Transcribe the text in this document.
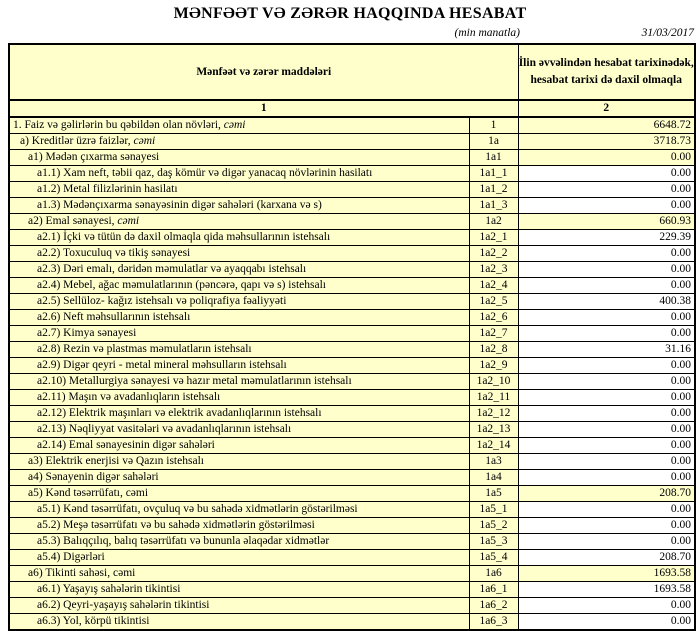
MƏNFƏƏT VƏ ZƏRƏR HAQQINDA HESABAT
(min manatla)	31/03/2017
Mənfəət və zərər maddələri		İlin əvvəlindən hesabat tarixinədək, hesabat tarixi də daxil olmaqla
1		2
1. Faiz və gəlirlərin bu qəbildən olan növləri, cəmi	1	6648.72
a) Kreditlər üzrə faizlər, cəmi	1a	3718.73
a1) Mədən çıxarma sənayesi	1a1	0.00
a1.1) Xam neft, təbii qaz, daş kömür və digər yanacaq növlərinin hasilatı	1a1_1	0.00
a1.2) Metal filizlərinin hasilatı	1a1_2	0.00
a1.3) Mədənçıxarma sənayəsinin digər sahələri (karxana və s)	1a1_3	0.00
a2) Emal sənayesi, cəmi	1a2	660.93
a2.1) İçki və tütün də daxil olmaqla qida məhsullarının istehsalı	1a2_1	229.39
a2.2) Toxuculuq və tikiş sənayesi	1a2_2	0.00
a2.3) Dəri emalı, dəridən məmulatlar və ayaqqabı istehsalı	1a2_3	0.00
a2.4) Mebel, ağac məmulatlarının (pəncərə, qapı və s) istehsalı	1a2_4	0.00
a2.5) Sellüloz- kağız istehsalı və poliqrafiya fəaliyyəti	1a2_5	400.38
a2.6) Neft məhsullarının istehsalı	1a2_6	0.00
a2.7) Kimya sənayesi	1a2_7	0.00
a2.8) Rezin və plastmas məmulatların istehsalı	1a2_8	31.16
a2.9) Digər qeyri - metal mineral məhsulların istehsalı	1a2_9	0.00
a2.10) Metallurgiya sənayesi və hazır metal məmulatlarının istehsalı	1a2_10	0.00
a2.11) Maşın və avadanlıqların istehsalı	1a2_11	0.00
a2.12) Elektrik maşınları və elektrik avadanlıqlarının istehsalı	1a2_12	0.00
a2.13) Nəqliyyat vasitələri və avadanlıqlarının istehsalı	1a2_13	0.00
a2.14) Emal sənayesinin digər sahələri	1a2_14	0.00
a3) Elektrik enerjisi və Qazın istehsalı	1a3	0.00
a4) Sənayenin digər sahələri	1a4	0.00
a5) Kənd təsərrüfatı, cəmi	1a5	208.70
a5.1) Kənd təsərrüfatı, ovçuluq və bu sahədə xidmətlərin göstərilməsi	1a5_1	0.00
a5.2) Meşə təsərrüfatı və bu sahədə xidmətlərin göstərilməsi	1a5_2	0.00
a5.3) Balıqçılıq, balıq təsərrüfatı və bununla əlaqədar xidmətlər	1a5_3	0.00
a5.4) Digərləri	1a5_4	208.70
a6) Tikinti sahəsi, cəmi	1a6	1693.58
a6.1) Yaşayış sahələrin tikintisi	1a6_1	1693.58
a6.2) Qeyri-yaşayış sahələrin tikintisi	1a6_2	0.00
a6.3) Yol, körpü tikintisi	1a6_3	0.00
